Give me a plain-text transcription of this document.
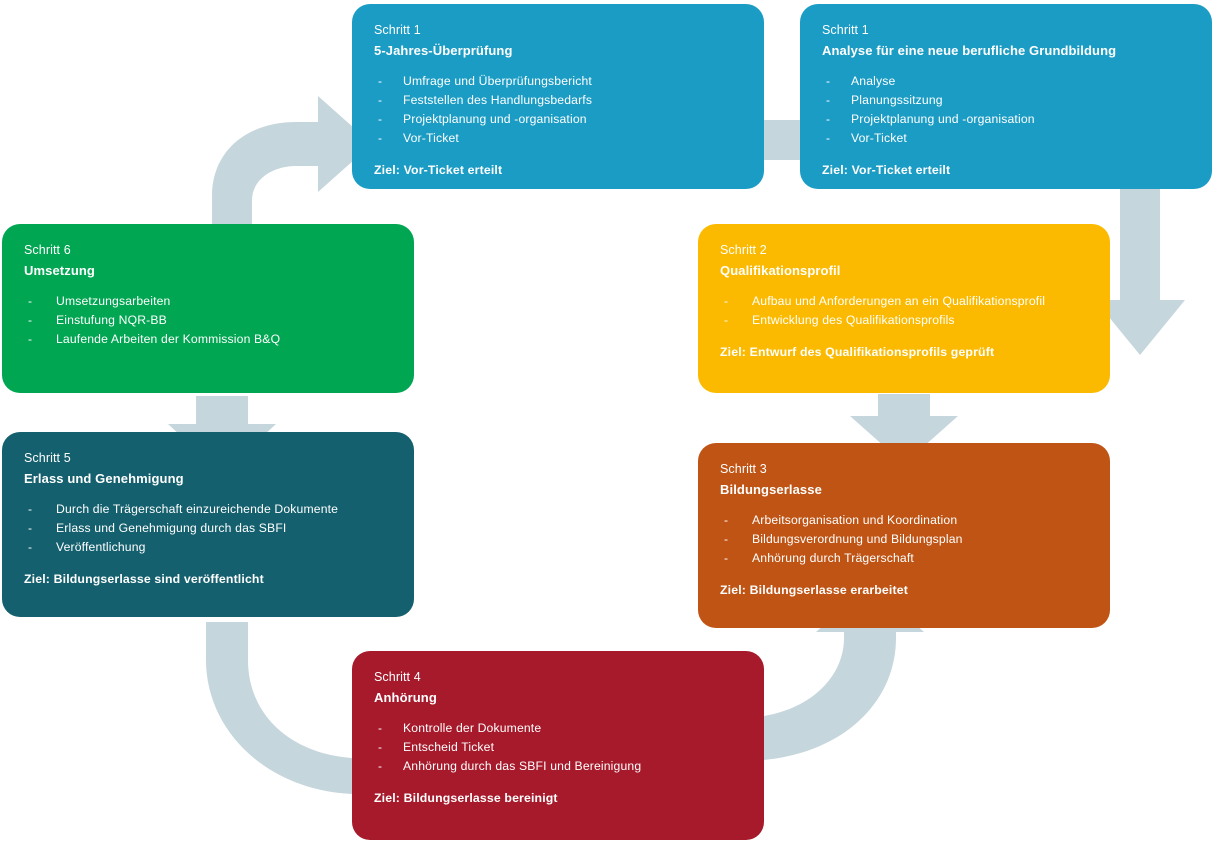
Schritt 1

5-Jahres-Überprüfung

- Umfrage und Überprüfungsbericht
- Feststellen des Handlungsbedarfs
- Projektplanung und -organisation
- Vor-Ticket

Ziel: Vor-Ticket erteilt

Schritt 1

Analyse für eine neue berufliche Grundbildung

- Analyse
- Planungssitzung
- Projektplanung und -organisation
- Vor-Ticket

Ziel: Vor-Ticket erteilt

Schritt 2

Qualifikationsprofil

- Aufbau und Anforderungen an ein Qualifikationsprofil
- Entwicklung des Qualifikationsprofils

Ziel: Entwurf des Qualifikationsprofils geprüft

Schritt 3

Bildungserlasse

- Arbeitsorganisation und Koordination
- Bildungsverordnung und Bildungsplan
- Anhörung durch Trägerschaft

Ziel: Bildungserlasse erarbeitet

Schritt 4

Anhörung

- Kontrolle der Dokumente
- Entscheid Ticket
- Anhörung durch das SBFI und Bereinigung

Ziel: Bildungserlasse bereinigt

Schritt 5

Erlass und Genehmigung

- Durch die Trägerschaft einzureichende Dokumente
- Erlass und Genehmigung durch das SBFI
- Veröffentlichung

Ziel: Bildungserlasse sind veröffentlicht

Schritt 6

Umsetzung

- Umsetzungsarbeiten
- Einstufung NQR-BB
- Laufende Arbeiten der Kommission B&Q
